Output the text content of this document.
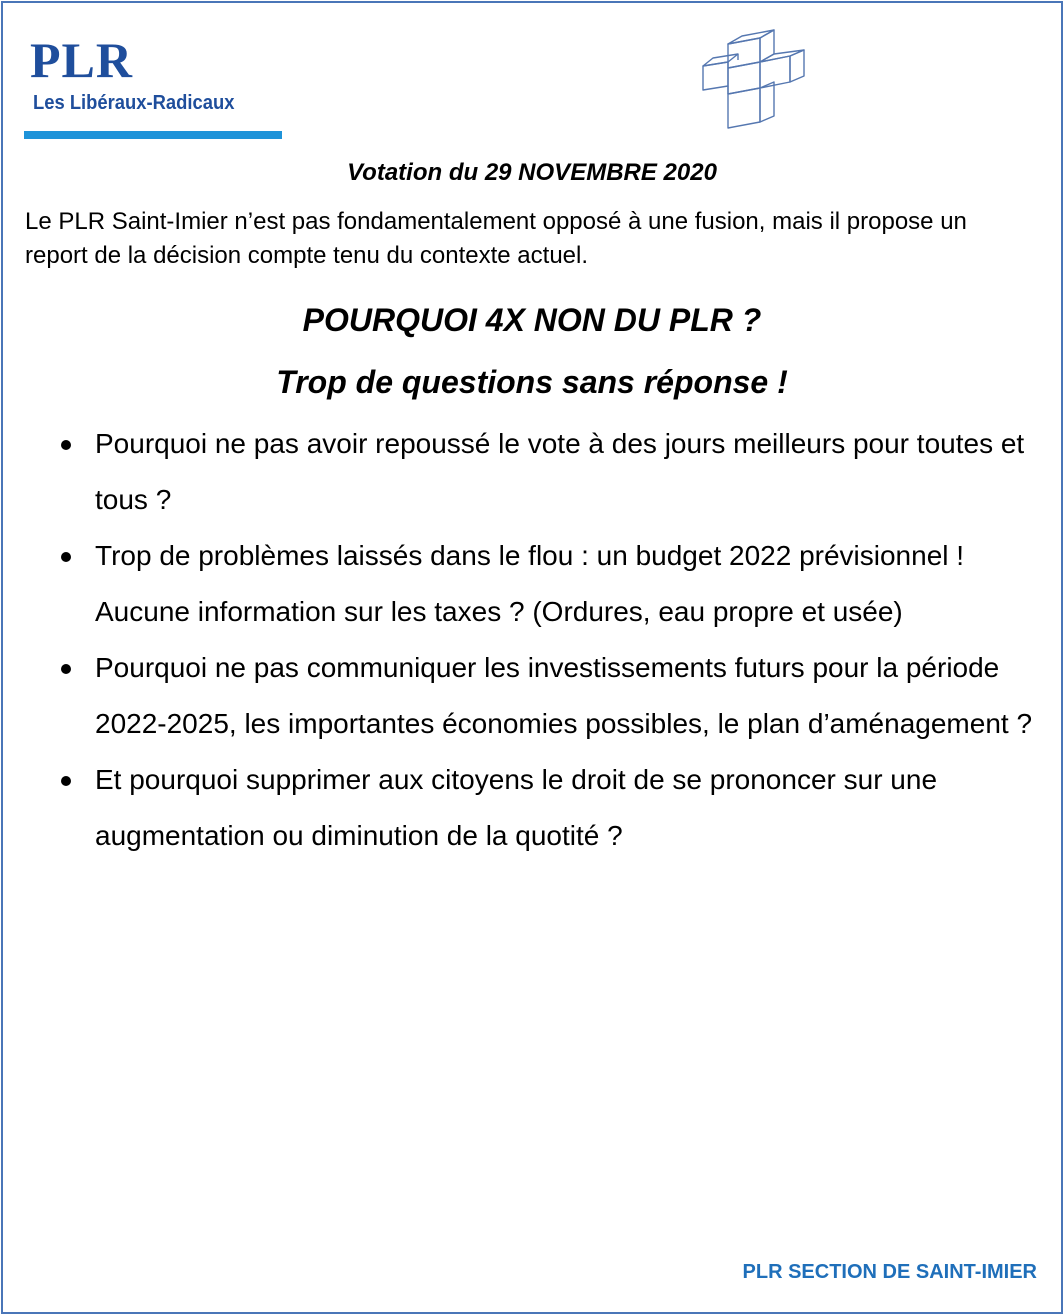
PLR
Les Libéraux-Radicaux
Votation du 29 NOVEMBRE 2020
Le PLR Saint-Imier n’est pas fondamentalement opposé à une fusion, mais il propose un report de la décision compte tenu du contexte actuel.
POURQUOI 4X NON DU PLR ?
Trop de questions sans réponse !
Pourquoi ne pas avoir repoussé le vote à des jours meilleurs pour toutes et tous ?
Trop de problèmes laissés dans le flou : un budget 2022 prévisionnel ! Aucune information sur les taxes ? (Ordures, eau propre et usée)
Pourquoi ne pas communiquer les investissements futurs pour la période 2022-2025, les importantes économies possibles, le plan d’aménagement ?
Et pourquoi supprimer aux citoyens le droit de se prononcer sur une augmentation ou diminution de la quotité ?
PLR SECTION DE SAINT-IMIER
